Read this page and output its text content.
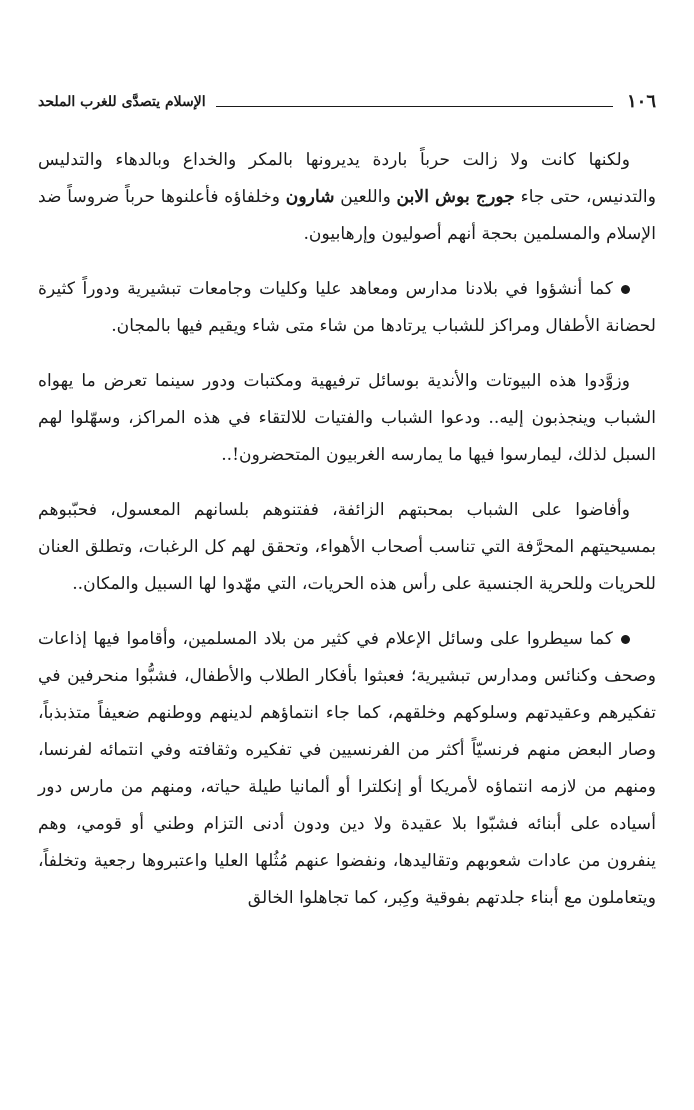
١٠٦
الإسلام يتصدَّى للغرب الملحد

ولكنها كانت ولا زالت حرباً باردة يديرونها بالمكر والخداع وبالدهاء والتدليس والتدنيس، حتى جاء جورج بوش الابن واللعين شارون وخلفاؤه فأعلنوها حرباً ضروساً ضد الإسلام والمسلمين بحجة أنهم أصوليون وإرهابيون.

كما أنشؤوا في بلادنا مدارس ومعاهد عليا وكليات وجامعات تبشيرية ودوراً كثيرة لحضانة الأطفال ومراكز للشباب يرتادها من شاء متى شاء ويقيم فيها بالمجان.

وزوَّدوا هذه البيوتات والأندية بوسائل ترفيهية ومكتبات ودور سينما تعرض ما يهواه الشباب وينجذبون إليه.. ودعوا الشباب والفتيات للالتقاء في هذه المراكز، وسهّلوا لهم السبل لذلك، ليمارسوا فيها ما يمارسه الغربيون المتحضرون!..

وأفاضوا على الشباب بمحبتهم الزائفة، ففتنوهم بلسانهم المعسول، فحبّبوهم بمسيحيتهم المحرَّفة التي تناسب أصحاب الأهواء، وتحقق لهم كل الرغبات، وتطلق العنان للحريات وللحرية الجنسية على رأس هذه الحريات، التي مهّدوا لها السبيل والمكان..

كما سيطروا على وسائل الإعلام في كثير من بلاد المسلمين، وأقاموا فيها إذاعات وصحف وكنائس ومدارس تبشيرية؛ فعبثوا بأفكار الطلاب والأطفال، فشبُّوا منحرفين في تفكيرهم وعقيدتهم وسلوكهم وخلقهم، كما جاء انتماؤهم لدينهم ووطنهم ضعيفاً متذبذباً، وصار البعض منهم فرنسيّاً أكثر من الفرنسيين في تفكيره وثقافته وفي انتمائه لفرنسا، ومنهم من لازمه انتماؤه لأمريكا أو إنكلترا أو ألمانيا طيلة حياته، ومنهم من مارس دور أسياده على أبنائه فشبّوا بلا عقيدة ولا دين ودون أدنى التزام وطني أو قومي، وهم ينفرون من عادات شعوبهم وتقاليدها، ونفضوا عنهم مُثُلها العليا واعتبروها رجعية وتخلفاً، ويتعاملون مع أبناء جلدتهم بفوقية وكِبر، كما تجاهلوا الخالق
